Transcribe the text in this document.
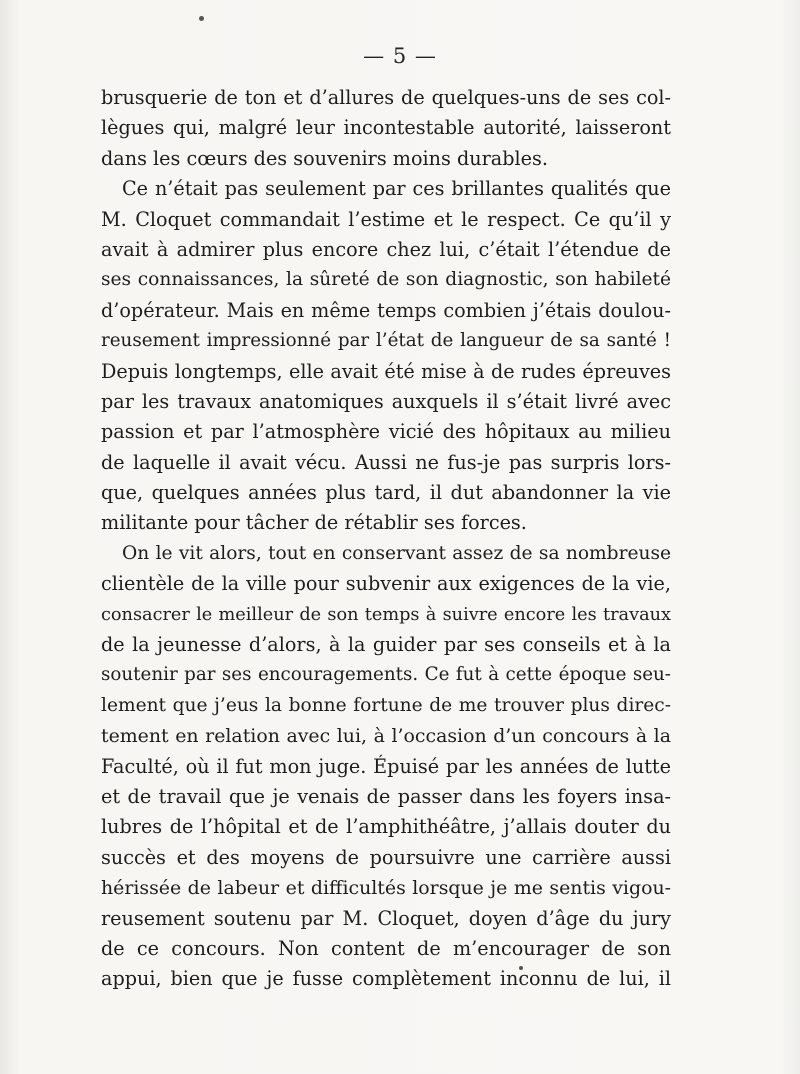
— 5 —
brusquerie de ton et d’allures de quelques-uns de ses col-
lègues qui, malgré leur incontestable autorité, laisseront
dans les cœurs des souvenirs moins durables.
Ce n’était pas seulement par ces brillantes qualités que
M. Cloquet commandait l’estime et le respect. Ce qu’il y
avait à admirer plus encore chez lui, c’était l’étendue de
ses connaissances, la sûreté de son diagnostic, son habileté
d’opérateur. Mais en même temps combien j’étais doulou-
reusement impressionné par l’état de langueur de sa santé !
Depuis longtemps, elle avait été mise à de rudes épreuves
par les travaux anatomiques auxquels il s’était livré avec
passion et par l’atmosphère vicié des hôpitaux au milieu
de laquelle il avait vécu. Aussi ne fus-je pas surpris lors-
que, quelques années plus tard, il dut abandonner la vie
militante pour tâcher de rétablir ses forces.
On le vit alors, tout en conservant assez de sa nombreuse
clientèle de la ville pour subvenir aux exigences de la vie,
consacrer le meilleur de son temps à suivre encore les travaux
de la jeunesse d’alors, à la guider par ses conseils et à la
soutenir par ses encouragements. Ce fut à cette époque seu-
lement que j’eus la bonne fortune de me trouver plus direc-
tement en relation avec lui, à l’occasion d’un concours à la
Faculté, où il fut mon juge. Épuisé par les années de lutte
et de travail que je venais de passer dans les foyers insa-
lubres de l’hôpital et de l’amphithéâtre, j’allais douter du
succès et des moyens de poursuivre une carrière aussi
hérissée de labeur et difficultés lorsque je me sentis vigou-
reusement soutenu par M. Cloquet, doyen d’âge du jury
de ce concours. Non content de m’encourager de son
appui, bien que je fusse complètement inconnu de lui, il
